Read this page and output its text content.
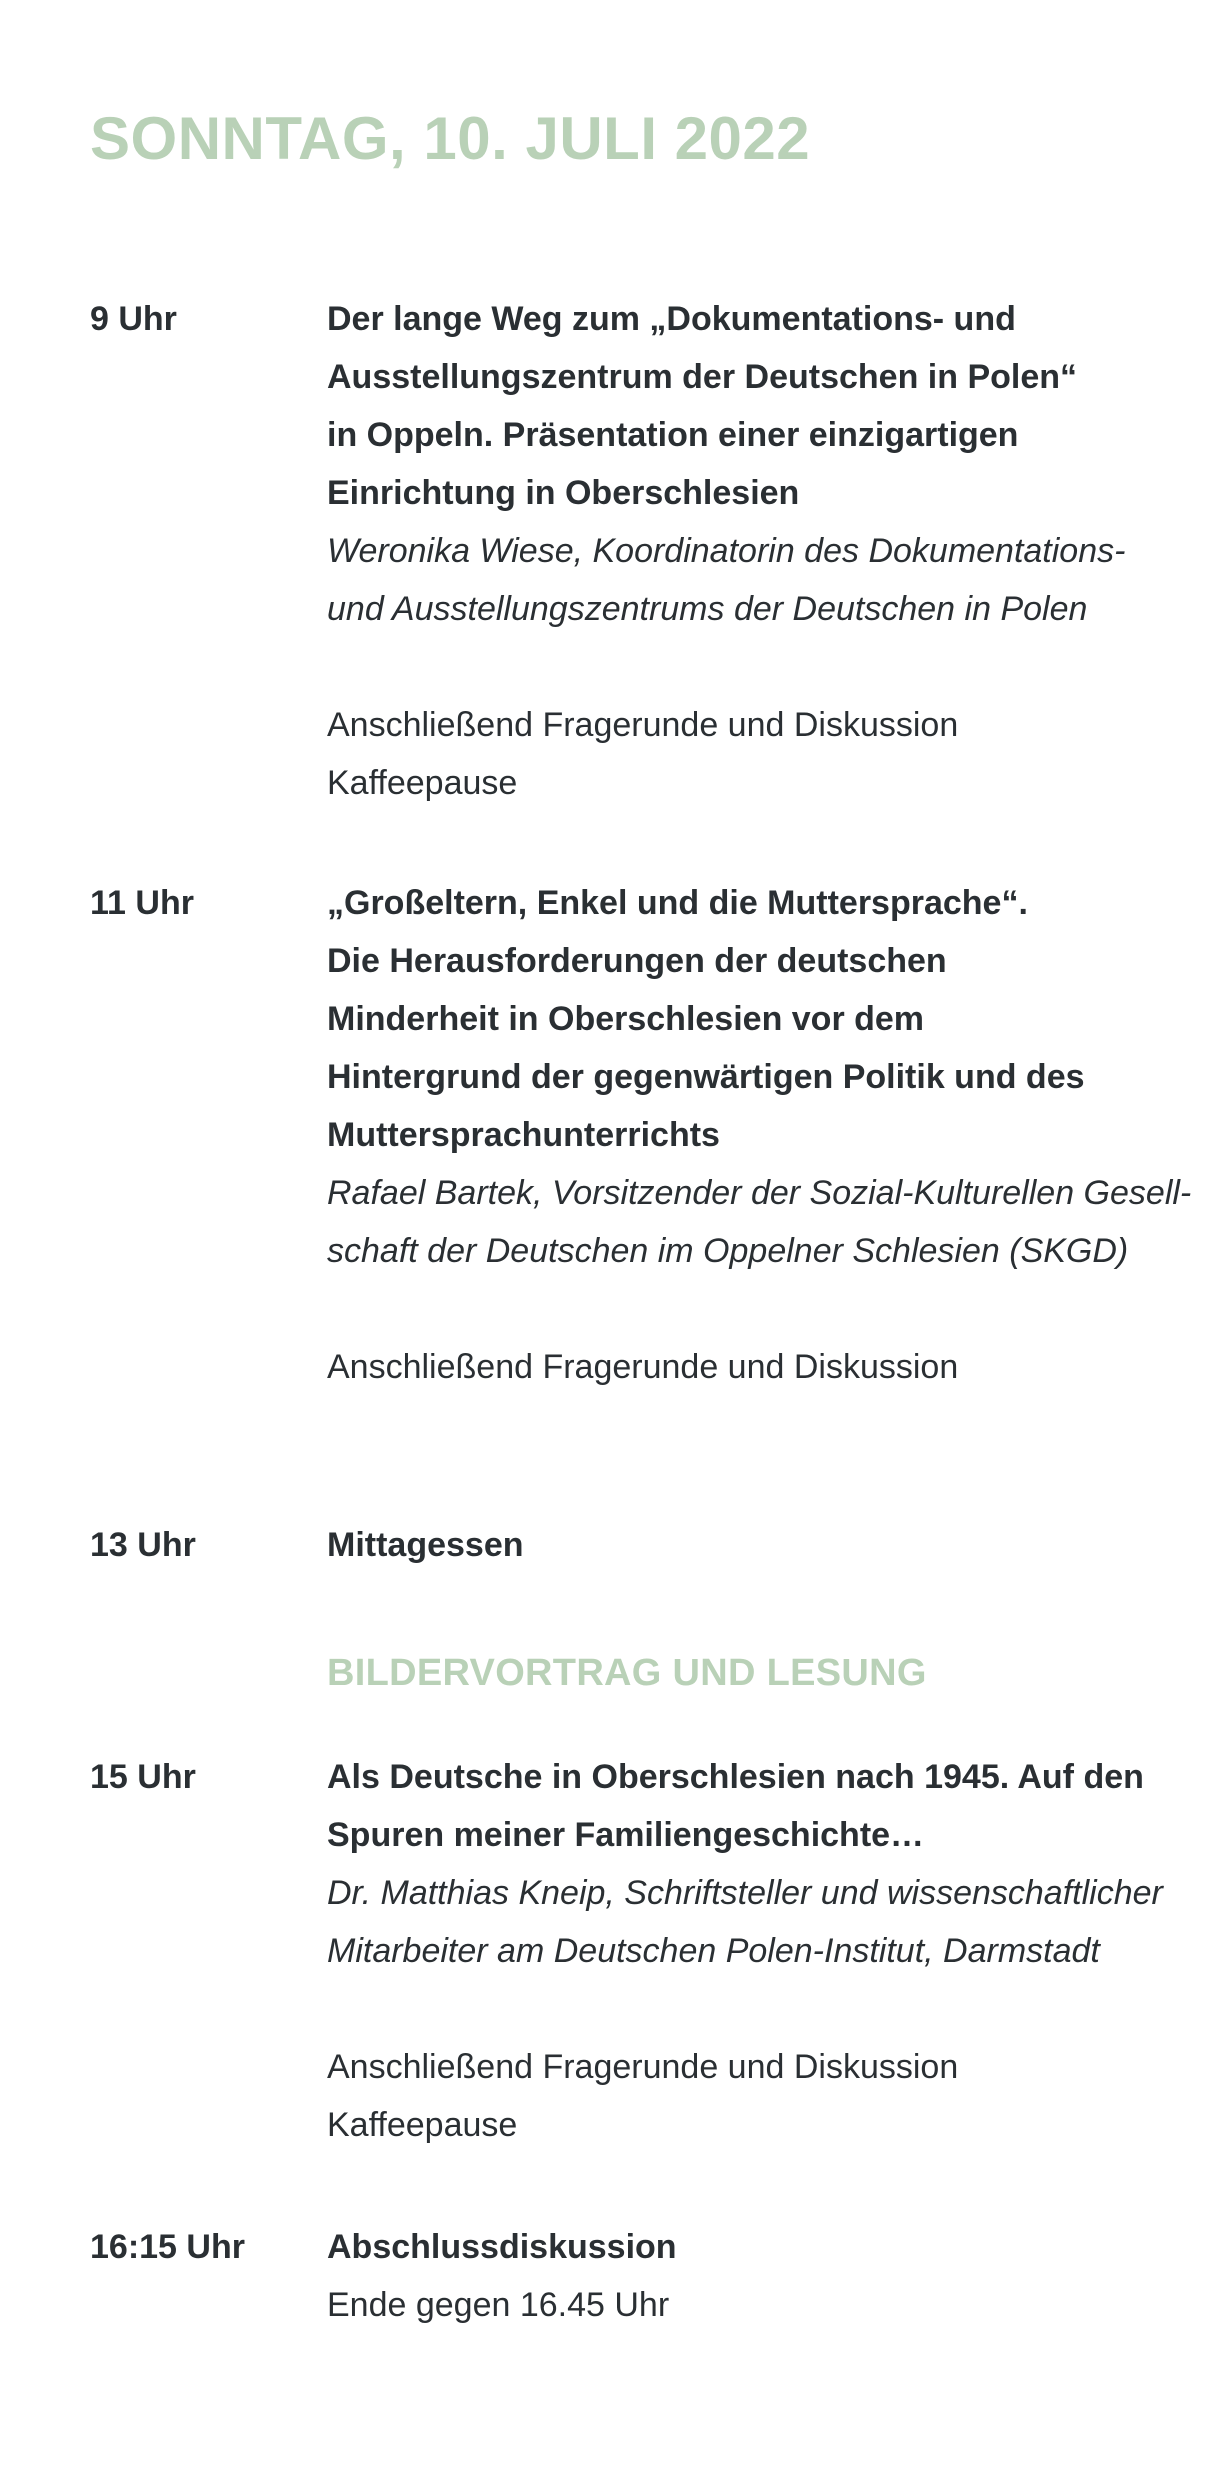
SONNTAG, 10. JULI 2022
9 Uhr	Der lange Weg zum „Dokumentations- und
Ausstellungszentrum der Deutschen in Polen“
in Oppeln. Präsentation einer einzigartigen
Einrichtung in Oberschlesien
Weronika Wiese, Koordinatorin des Dokumentations-
und Ausstellungszentrums der Deutschen in Polen
Anschließend Fragerunde und Diskussion
Kaffeepause
11 Uhr	„Großeltern, Enkel und die Muttersprache“.
Die Herausforderungen der deutschen
Minderheit in Oberschlesien vor dem
Hintergrund der gegenwärtigen Politik und des
Muttersprachunterrichts
Rafael Bartek, Vorsitzender der Sozial-Kulturellen Gesell-
schaft der Deutschen im Oppelner Schlesien (SKGD)
Anschließend Fragerunde und Diskussion
13 Uhr	Mittagessen
BILDERVORTRAG UND LESUNG
15 Uhr	Als Deutsche in Oberschlesien nach 1945. Auf den
Spuren meiner Familiengeschichte…
Dr. Matthias Kneip, Schriftsteller und wissenschaftlicher
Mitarbeiter am Deutschen Polen-Institut, Darmstadt
Anschließend Fragerunde und Diskussion
Kaffeepause
16:15 Uhr Abschlussdiskussion
Ende gegen 16.45 Uhr
